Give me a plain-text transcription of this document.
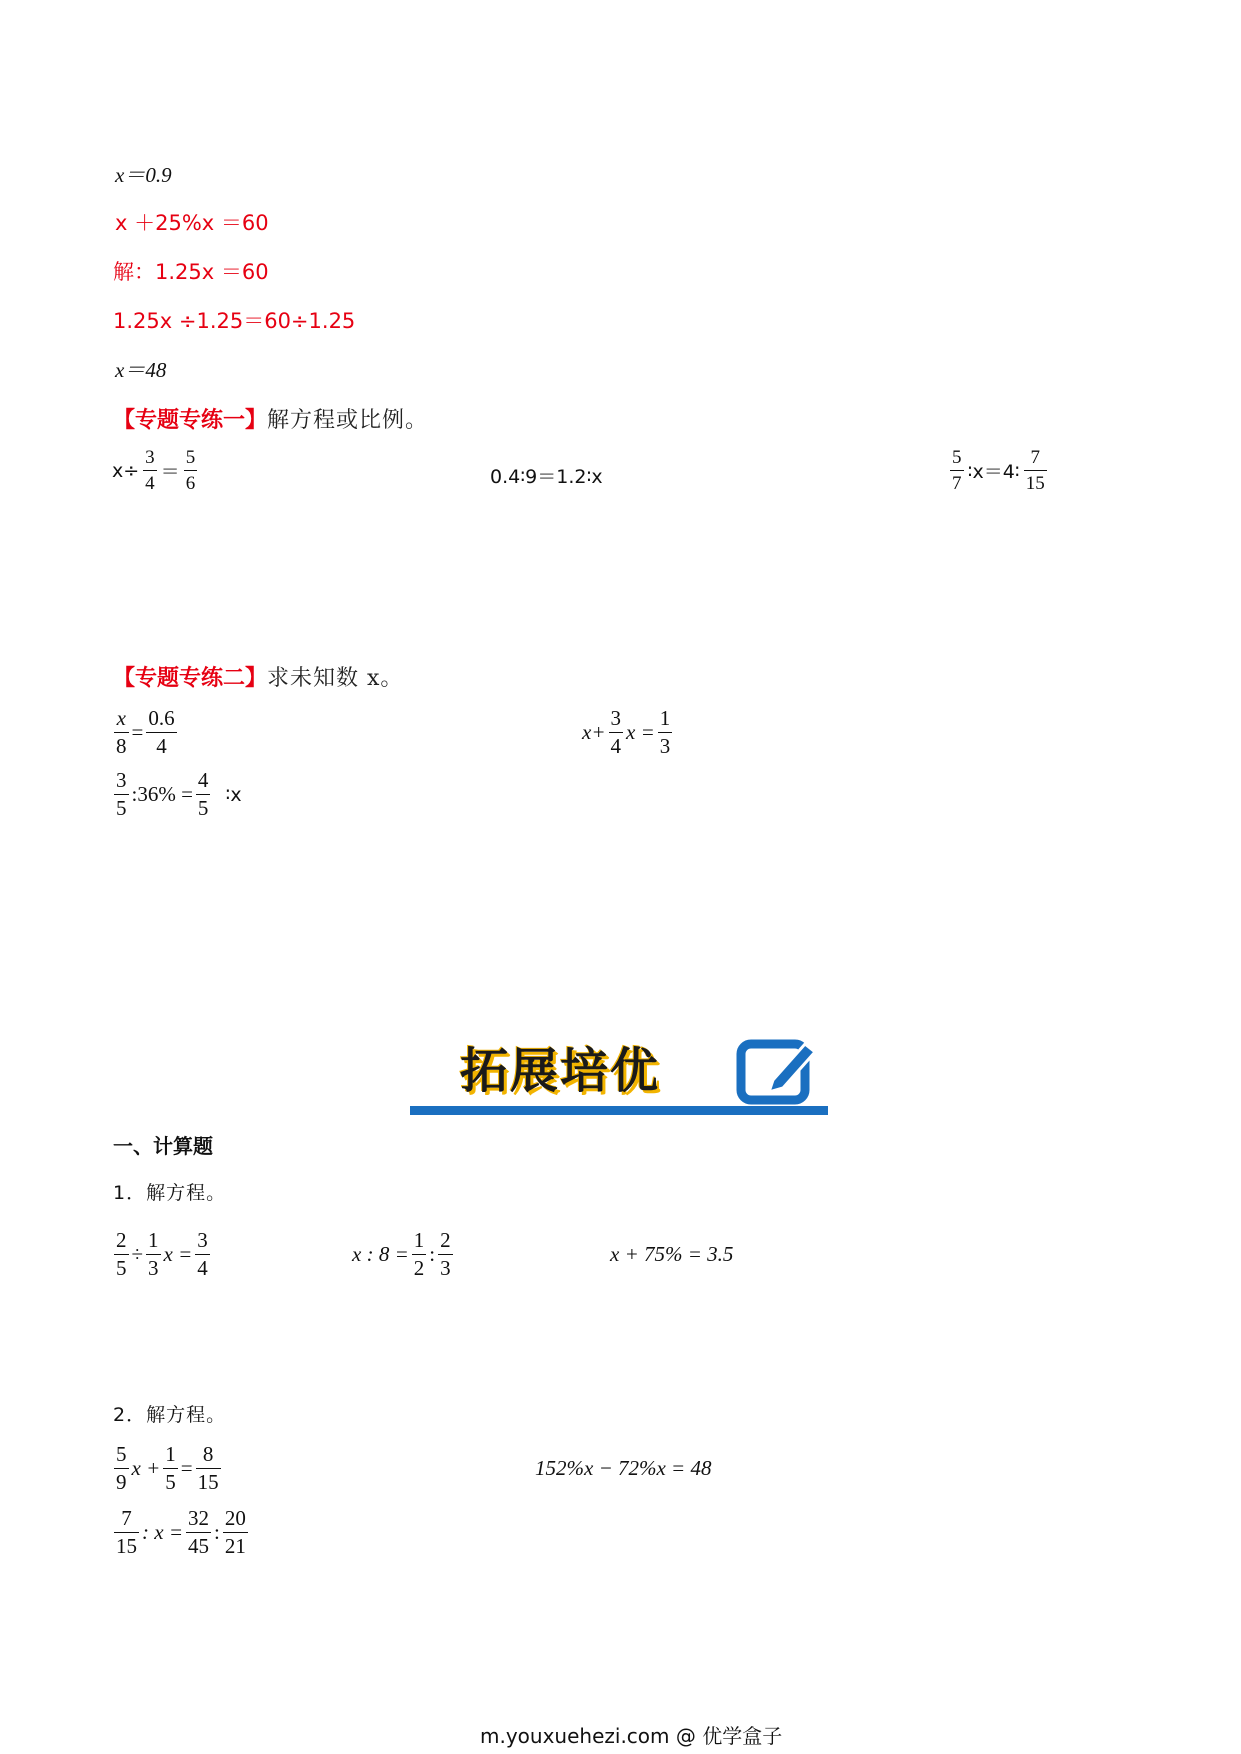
x＝0.9
x ＋25%x ＝60
解：1.25x ＝60
1.25x ÷1.25＝60÷1.25
x＝48
【专题专练一】解方程或比例。
$x\div \frac{3}{4} = \frac{5}{6}$	0.4∶9＝1.2∶x	$\frac{5}{7}$ ∶x＝4∶ $\frac{7}{15}$
【专题专练二】求未知数 x。
$\frac{x}{8} = \frac{0.6}{4}$	$x+ \frac{3}{4}$ $x = \frac{1}{3}$
$\frac{3}{5}$ :36% = $\frac{4}{5}$ ∶x
拓展培优
一、计算题
1．解方程。
$\frac{2}{5} \div \frac{1}{3}$ $x = \frac{3}{4}$	x : $8 = \frac{1}{2}$ : $\frac{2}{3}$	x + 75% = 3.5
2．解方程。
$\frac{5}{9}$ $x + \frac{1}{5} = \frac{8}{15}$	152%x − 72%x = 48
$\frac{7}{15}$ : $x = \frac{32}{45}$ : $\frac{20}{21}$
m.youxuehezi.com @ 优学盒子
